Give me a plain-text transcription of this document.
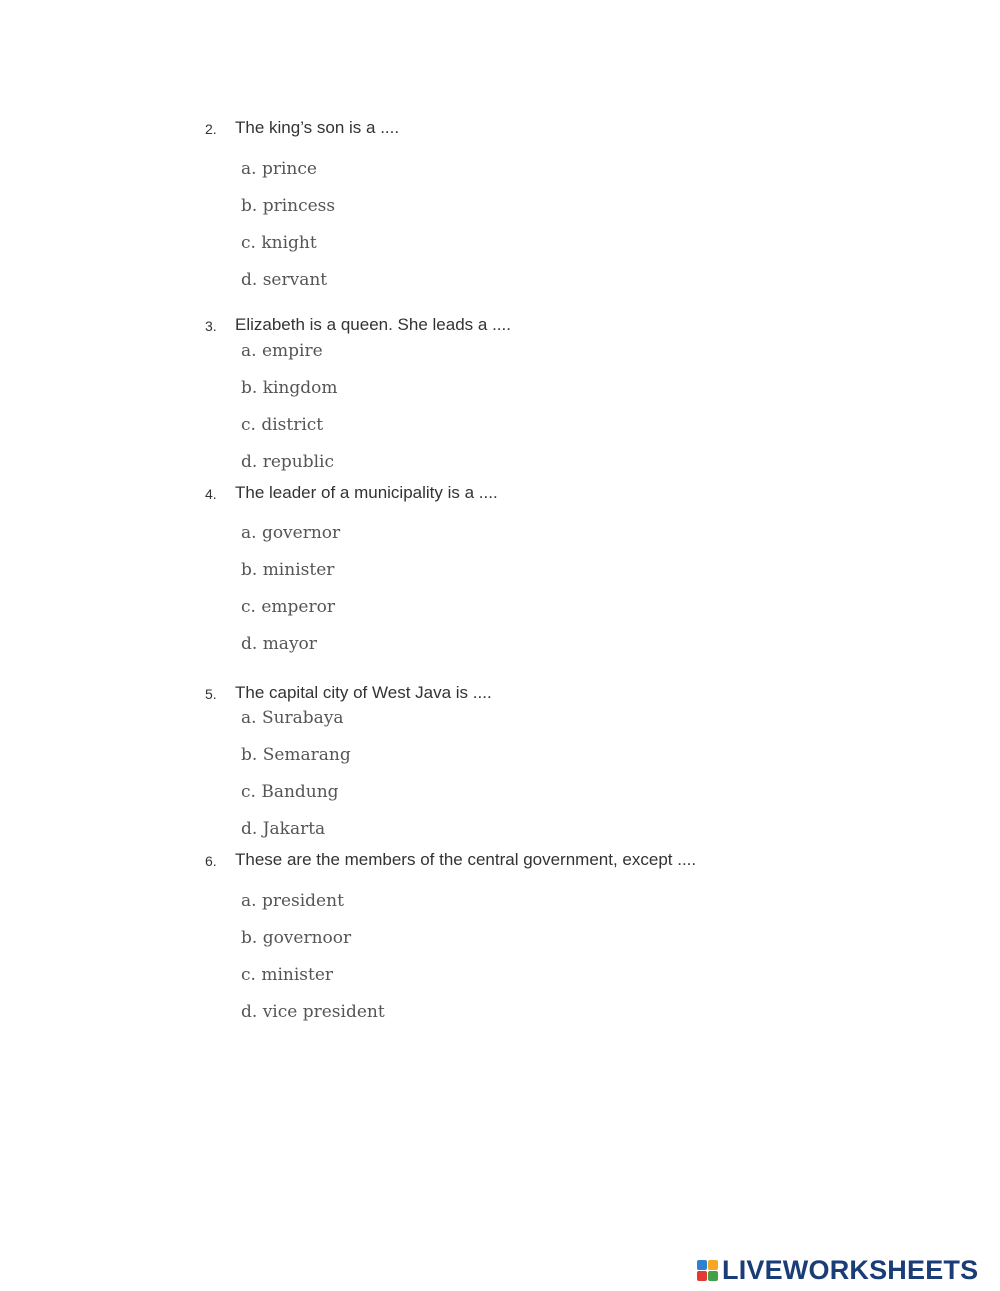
2. The king’s son is a ....
a. prince
b. princess
c. knight
d. servant
3. Elizabeth is a queen. She leads a ....
a. empire
b. kingdom
c. district
d. republic
4. The leader of a municipality is a ....
a. governor
b. minister
c. emperor
d. mayor
5. The capital city of West Java is ....
a. Surabaya
b. Semarang
c. Bandung
d. Jakarta
6. These are the members of the central government, except ....
a. president
b. governoor
c. minister
d. vice president
LIVEWORKSHEETS
